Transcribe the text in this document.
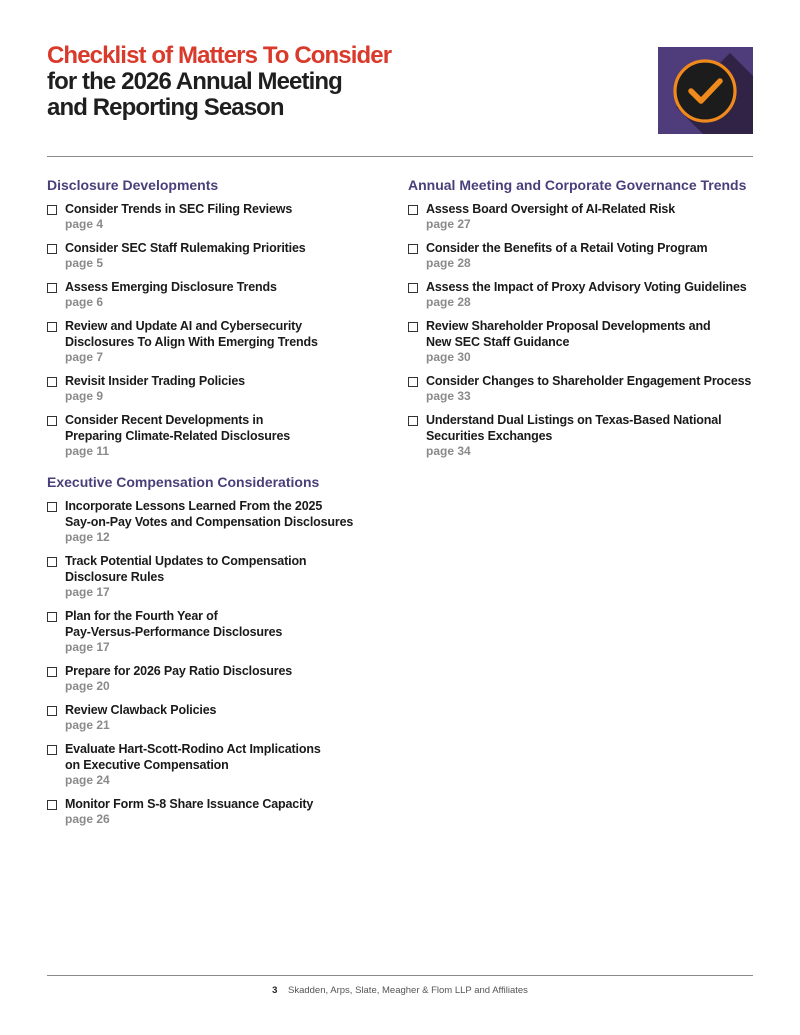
Checklist of Matters To Consider
for the 2026 Annual Meeting
and Reporting Season
Disclosure Developments
Consider Trends in SEC Filing Reviews
page 4
Consider SEC Staff Rulemaking Priorities
page 5
Assess Emerging Disclosure Trends
page 6
Review and Update AI and Cybersecurity
Disclosures To Align With Emerging Trends
page 7
Revisit Insider Trading Policies
page 9
Consider Recent Developments in
Preparing Climate-Related Disclosures
page 11
Executive Compensation Considerations
Incorporate Lessons Learned From the 2025
Say-on-Pay Votes and Compensation Disclosures
page 12
Track Potential Updates to Compensation
Disclosure Rules
page 17
Plan for the Fourth Year of
Pay-Versus-Performance Disclosures
page 17
Prepare for 2026 Pay Ratio Disclosures
page 20
Review Clawback Policies
page 21
Evaluate Hart-Scott-Rodino Act Implications
on Executive Compensation
page 24
Monitor Form S-8 Share Issuance Capacity
page 26
Annual Meeting and Corporate Governance Trends
Assess Board Oversight of AI-Related Risk
page 27
Consider the Benefits of a Retail Voting Program
page 28
Assess the Impact of Proxy Advisory Voting Guidelines
page 28
Review Shareholder Proposal Developments and
New SEC Staff Guidance
page 30
Consider Changes to Shareholder Engagement Process
page 33
Understand Dual Listings on Texas-Based National
Securities Exchanges
page 34
3 Skadden, Arps, Slate, Meagher & Flom LLP and Affiliates
